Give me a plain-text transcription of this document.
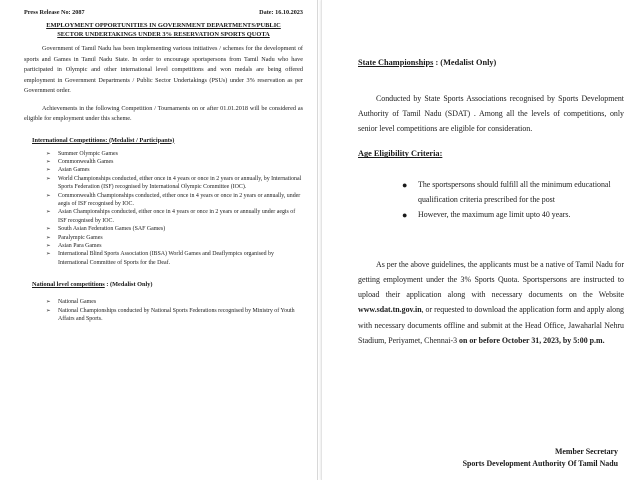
Press Release No: 2087	Date: 16.10.2023
EMPLOYMENT OPPORTUNITIES IN GOVERNMENT DEPARTMENTS/PUBLIC
SECTOR UNDERTAKINGS UNDER 3% RESERVATION SPORTS QUOTA

Government of Tamil Nadu has been implementing various initiatives / schemes for the development of sports and Games in Tamil Nadu State. In order to encourage sportspersons from Tamil Nadu who have participated in Olympic and other international level competitions and won medals are being offered employment in Government Departments / Public Sector Undertakings (PSUs) under 3% reservation as per Government order.

Achievements in the following Competition / Tournaments on or after 01.01.2018 will be considered as eligible for employment under this scheme.

International Competitions: (Medalist / Participants)
➢ Summer Olympic Games
➢ Commonwealth Games
➢ Asian Games
➢ World Championships conducted, either once in 4 years or once in 2 years or annually, by International Sports Federation (ISF) recognised by International Olympic Committee (IOC).
➢ Commonwealth Championships conducted, either once in 4 years or once in 2 years or annually, under aegis of ISF recognised by IOC.
➢ Asian Championships conducted, either once in 4 years or once in 2 years or annually under aegis of ISF recognised by IOC.
➢ South Asian Federation Games (SAF Games)
➢ Paralympic Games
➢ Asian Para Games
➢ International Blind Sports Association (IBSA) World Games and Deaflympics organised by International Committee of Sports for the Deaf.
National level competitions : (Medalist Only)
➢ National Games
➢ National Championships conducted by National Sports Federations recognised by Ministry of Youth Affairs and Sports.
State Championships : (Medalist Only)

Conducted by State Sports Associations recognised by Sports Development Authority of Tamil Nadu (SDAT) . Among all the levels of competitions, only senior level competitions are eligible for consideration.

Age Eligibility Criteria:
● The sportspersons should fulfill all the minimum educational qualification criteria prescribed for the post
● However, the maximum age limit upto 40 years.

As per the above guidelines, the applicants must be a native of Tamil Nadu for getting employment under the 3% Sports Quota. Sportspersons are instructed to upload their application along with necessary documents on the Website www.sdat.tn.gov.in, or requested to download the application form and apply along with necessary documents offline and submit at the Head Office, Jawaharlal Nehru Stadium, Periyamet, Chennai-3 on or before October 31, 2023, by 5:00 p.m.

Member Secretary
Sports Development Authority Of Tamil Nadu
